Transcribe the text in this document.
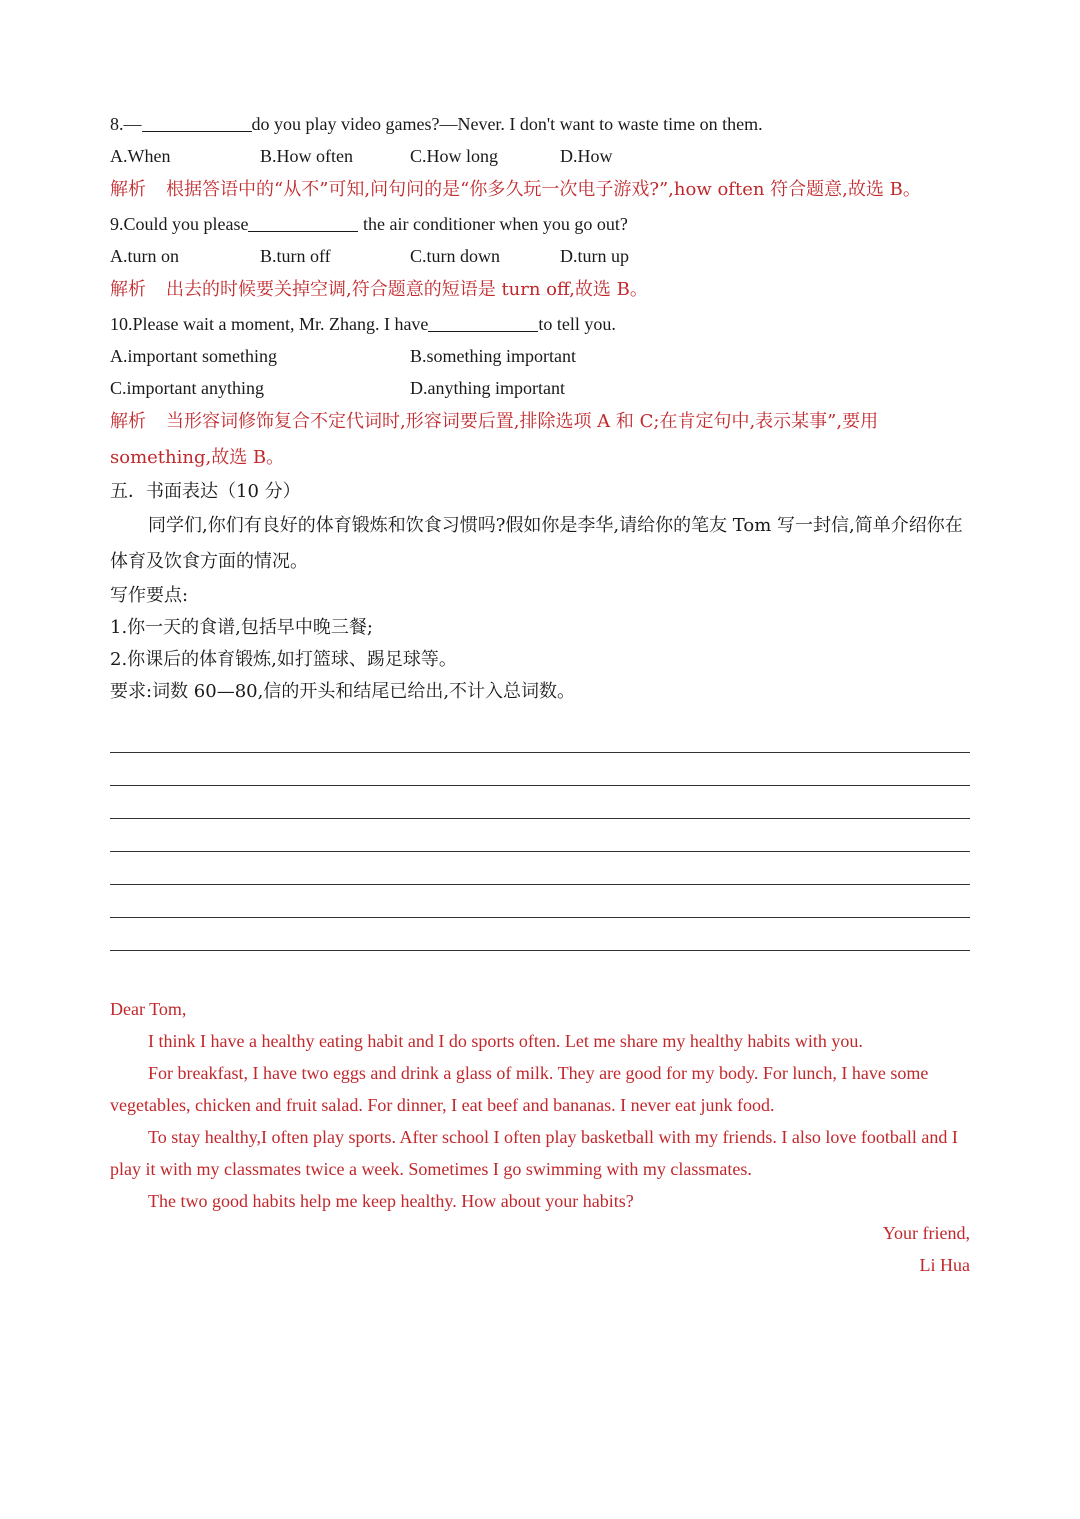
8.—	do you play video games?—Never. I don't want to waste time on them.
A.When	B.How often	C.How long	D.How
解析 根据答语中的“从不”可知,问句问的是“你多久玩一次电子游戏?”,how often 符合题意,故选 B。
9.Could you please	the air conditioner when you go out?
A.turn on	B.turn off	C.turn down	D.turn up
解析 出去的时候要关掉空调,符合题意的短语是 turn off,故选 B。
10.Please wait a moment, Mr. Zhang. I have	to tell you.
A.important something	B.something important
C.important anything	D.anything important
解析 当形容词修饰复合不定代词时,形容词要后置,排除选项 A 和 C;在肯定句中,表示某事”,要用 something,故选 B。
五．书面表达（10 分）
同学们,你们有良好的体育锻炼和饮食习惯吗?假如你是李华,请给你的笔友 Tom 写一封信,简单介绍你在体育及饮食方面的情况。
写作要点:
1.你一天的食谱,包括早中晚三餐;
2.你课后的体育锻炼,如打篮球、踢足球等。
要求:词数 60—80,信的开头和结尾已给出,不计入总词数。
Dear Tom,
I think I have a healthy eating habit and I do sports often. Let me share my healthy habits with you.
For breakfast, I have two eggs and drink a glass of milk. They are good for my body. For lunch, I have some vegetables, chicken and fruit salad. For dinner, I eat beef and bananas. I never eat junk food.
To stay healthy,I often play sports. After school I often play basketball with my friends. I also love football and I play it with my classmates twice a week. Sometimes I go swimming with my classmates.
The two good habits help me keep healthy. How about your habits?
Your friend,
Li Hua
